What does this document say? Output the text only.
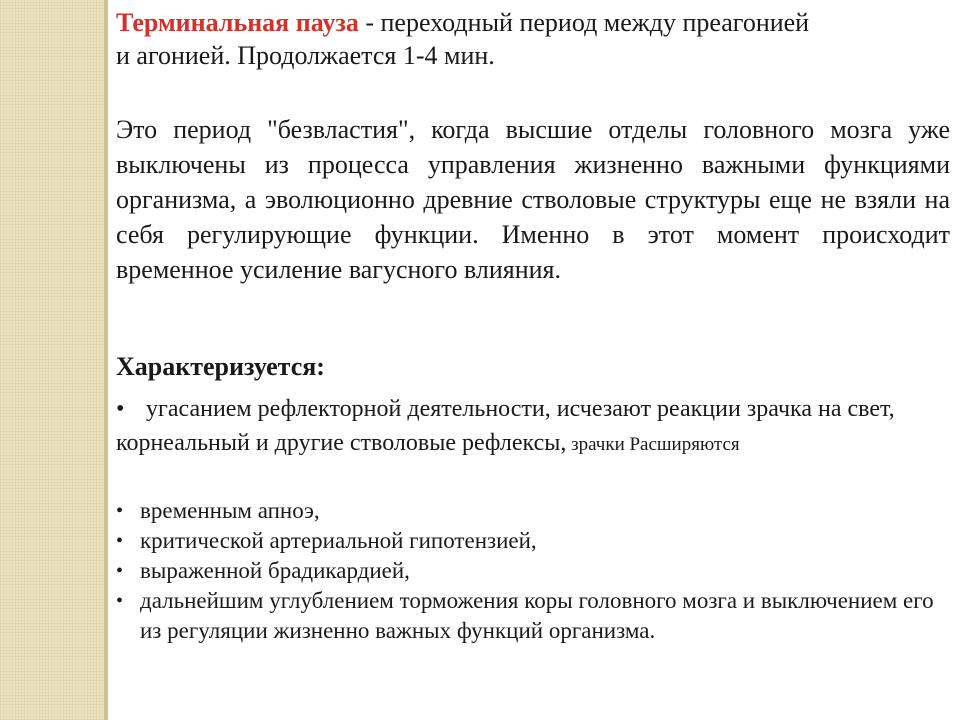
Терминальная пауза - переходный период между преагонией и агонией. Продолжается 1-4 мин.
Это период "безвластия", когда высшие отделы головного мозга уже выключены из процесса управления жизненно важными функциями организма, а эволюционно древние стволовые структуры еще не взяли на себя регулирующие функции. Именно в этот момент происходит временное усиление вагусного влияния.
Характеризуется:
• угасанием рефлекторной деятельности, исчезают реакции зрачка на свет, корнеальный и другие стволовые рефлексы, зрачки Расширяются
• временным апноэ,
• критической артериальной гипотензией,
• выраженной брадикардией,
• дальнейшим углублением торможения коры головного мозга и выключением его из регуляции жизненно важных функций организма.
